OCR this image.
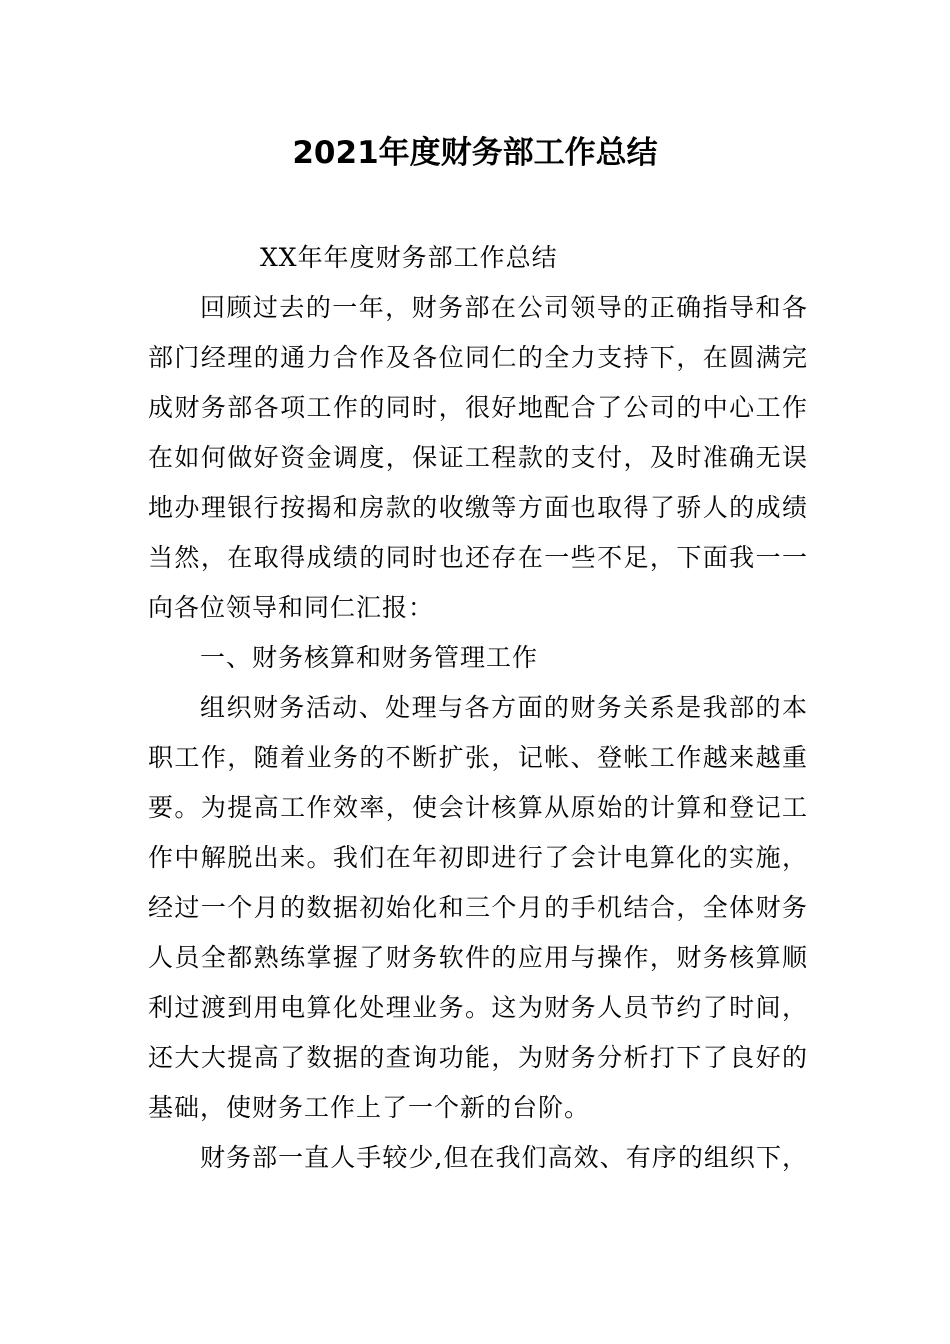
2021年度财务部工作总结
XX年年度财务部工作总结
回顾过去的一年，财务部在公司领导的正确指导和各
部门经理的通力合作及各位同仁的全力支持下，在圆满完
成财务部各项工作的同时，很好地配合了公司的中心工作
在如何做好资金调度，保证工程款的支付，及时准确无误
地办理银行按揭和房款的收缴等方面也取得了骄人的成绩
当然，在取得成绩的同时也还存在一些不足，下面我一一
向各位领导和同仁汇报：
一、财务核算和财务管理工作
组织财务活动、处理与各方面的财务关系是我部的本
职工作，随着业务的不断扩张，记帐、登帐工作越来越重
要。为提高工作效率，使会计核算从原始的计算和登记工
作中解脱出来。我们在年初即进行了会计电算化的实施，
经过一个月的数据初始化和三个月的手机结合，全体财务
人员全都熟练掌握了财务软件的应用与操作，财务核算顺
利过渡到用电算化处理业务。这为财务人员节约了时间，
还大大提高了数据的查询功能，为财务分析打下了良好的
基础，使财务工作上了一个新的台阶。
财务部一直人手较少,但在我们高效、有序的组织下，
